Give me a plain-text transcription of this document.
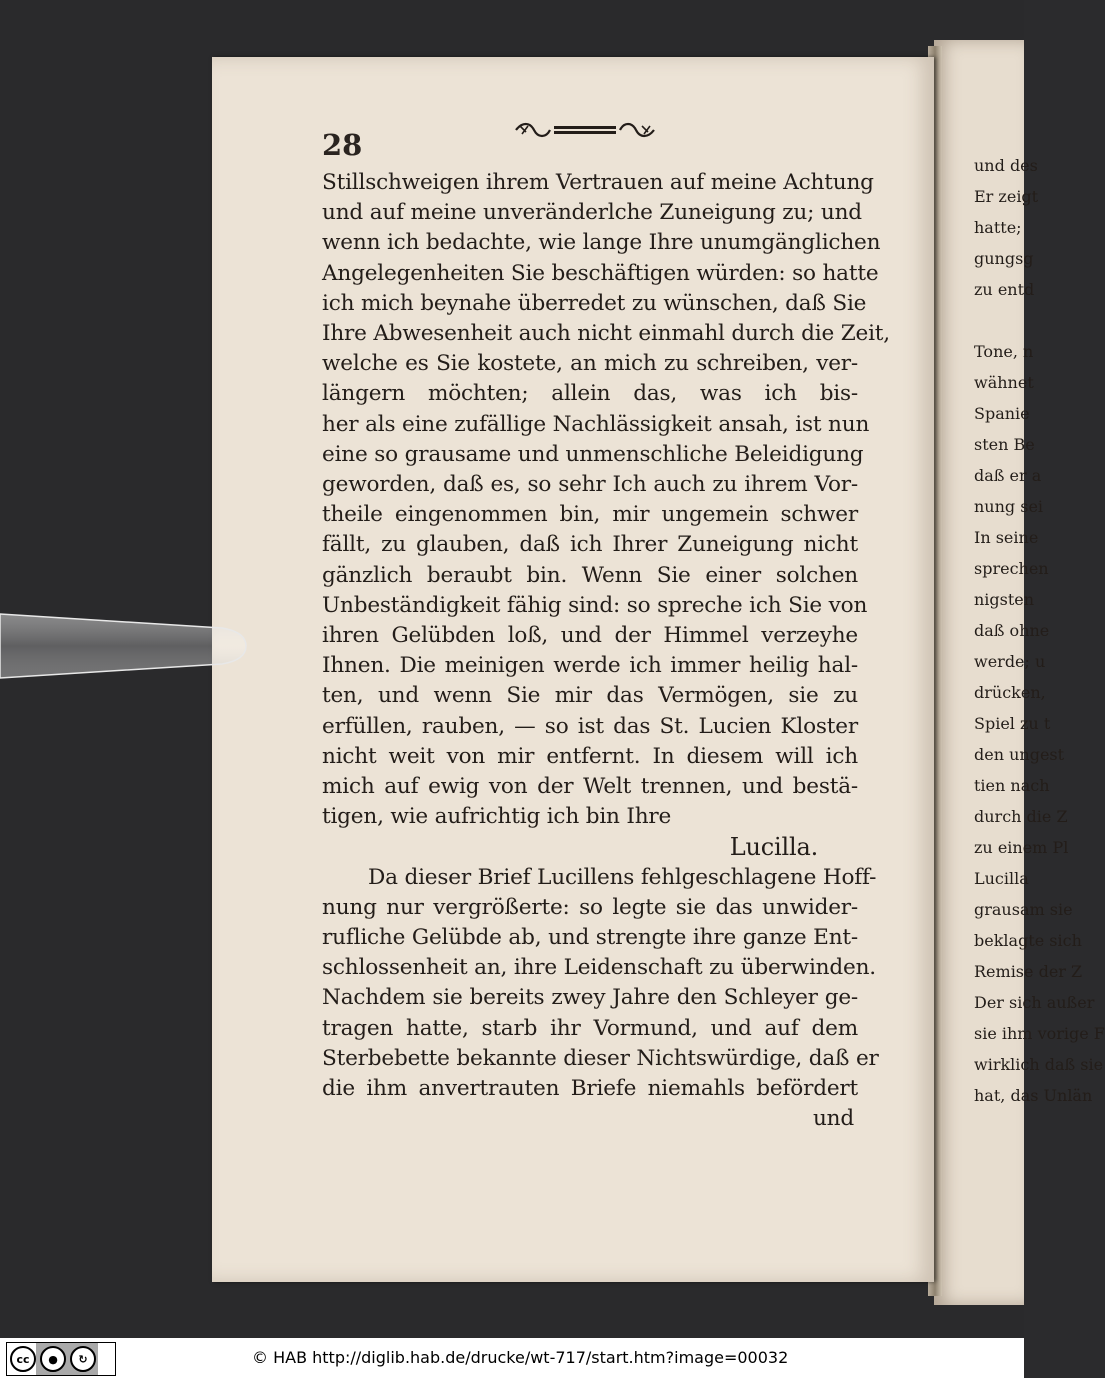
und des
Er zeigt
hatte;
gungsg
zu entd
Tone, n
wähnet
Spanie
sten Be
daß er a
nung sei
In seine
sprechen
nigsten
daß ohne
werde; u
drücken,
Spiel zu t
den ungest
tien nach
durch die Z
zu einem Pl
Lucilla
grausam sie
beklagte sich
Remise der Z
Der sich außer
sie ihm vorige F
wirklich daß sie
hat, das Unlän
28
Stillschweigen ihrem Vertrauen auf meine Achtung
und auf meine unveränderlche Zuneigung zu; und
wenn ich bedachte, wie lange Ihre unumgänglichen
Angelegenheiten Sie beschäftigen würden: so hatte
ich mich beynahe überredet zu wünschen, daß Sie
Ihre Abwesenheit auch nicht einmahl durch die Zeit,
welche es Sie kostete, an mich zu schreiben, ver-
längern möchten; allein das, was ich bis-
her als eine zufällige Nachlässigkeit ansah, ist nun
eine so grausame und unmenschliche Beleidigung
geworden, daß es, so sehr Ich auch zu ihrem Vor-
theile eingenommen bin, mir ungemein schwer
fällt, zu glauben, daß ich Ihrer Zuneigung nicht
gänzlich beraubt bin. Wenn Sie einer solchen
Unbeständigkeit fähig sind: so spreche ich Sie von
ihren Gelübden loß, und der Himmel verzeyhe
Ihnen. Die meinigen werde ich immer heilig hal-
ten, und wenn Sie mir das Vermögen, sie zu
erfüllen, rauben, — so ist das St. Lucien Kloster
nicht weit von mir entfernt. In diesem will ich
mich auf ewig von der Welt trennen, und bestä-
tigen, wie aufrichtig ich bin Ihre
Lucilla.
Da dieser Brief Lucillens fehlgeschlagene Hoff-
nung nur vergrößerte: so legte sie das unwider-
rufliche Gelübde ab, und strengte ihre ganze Ent-
schlossenheit an, ihre Leidenschaft zu überwinden.
Nachdem sie bereits zwey Jahre den Schleyer ge-
tragen hatte, starb ihr Vormund, und auf dem
Sterbebette bekannte dieser Nichtswürdige, daß er
die ihm anvertrauten Briefe niemahls befördert
und
cc	●	↻	© HAB http://diglib.hab.de/drucke/wt-717/start.htm?image=00032
